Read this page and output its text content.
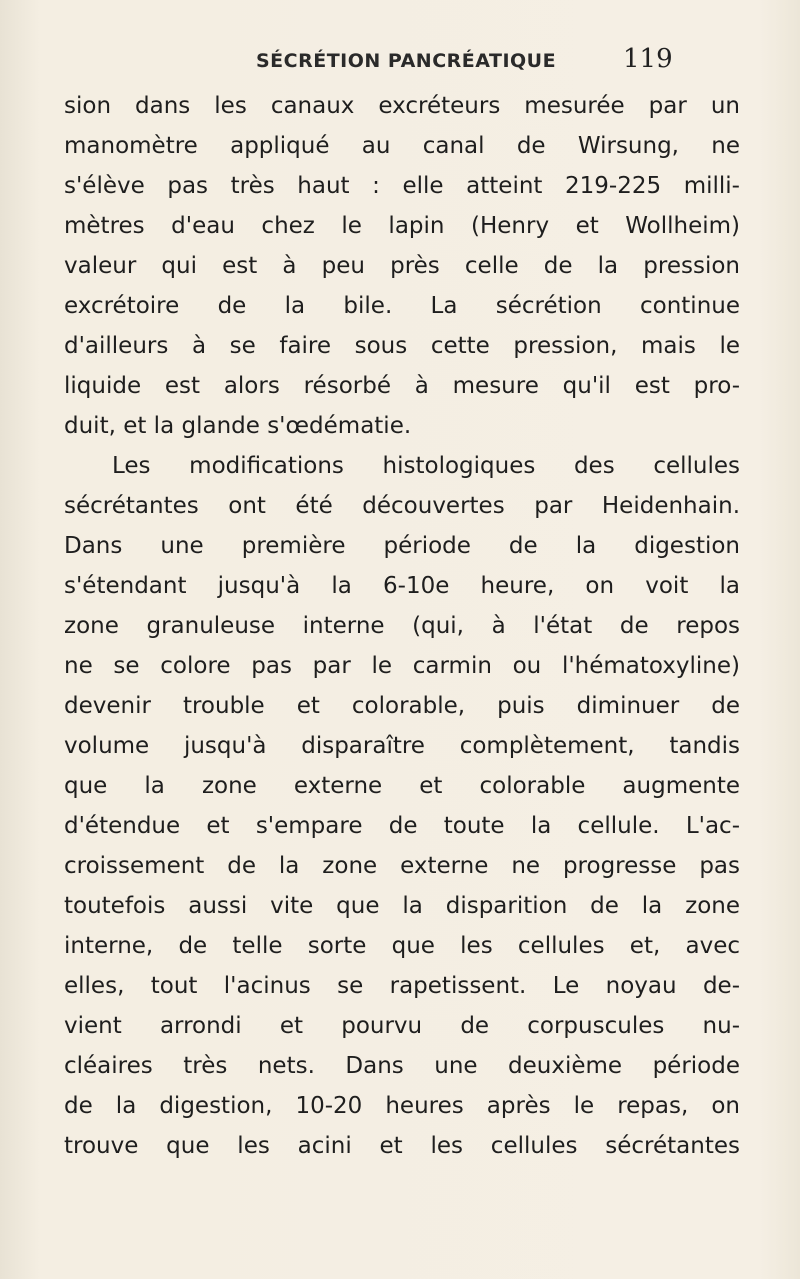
SÉCRÉTION PANCRÉATIQUE	119
sion dans les canaux excréteurs mesurée par un
manomètre appliqué au canal de Wirsung, ne
s'élève pas très haut : elle atteint 219-225 milli-
mètres d'eau chez le lapin (Henry et Wollheim)
valeur qui est à peu près celle de la pression
excrétoire de la bile. La sécrétion continue
d'ailleurs à se faire sous cette pression, mais le
liquide est alors résorbé à mesure qu'il est pro-
duit, et la glande s'œdématie.
Les modifications histologiques des cellules
sécrétantes ont été découvertes par Heidenhain.
Dans une première période de la digestion
s'étendant jusqu'à la 6-10e heure, on voit la
zone granuleuse interne (qui, à l'état de repos
ne se colore pas par le carmin ou l'hématoxyline)
devenir trouble et colorable, puis diminuer de
volume jusqu'à disparaître complètement, tandis
que la zone externe et colorable augmente
d'étendue et s'empare de toute la cellule. L'ac-
croissement de la zone externe ne progresse pas
toutefois aussi vite que la disparition de la zone
interne, de telle sorte que les cellules et, avec
elles, tout l'acinus se rapetissent. Le noyau de-
vient arrondi et pourvu de corpuscules nu-
cléaires très nets. Dans une deuxième période
de la digestion, 10-20 heures après le repas, on
trouve que les acini et les cellules sécrétantes
